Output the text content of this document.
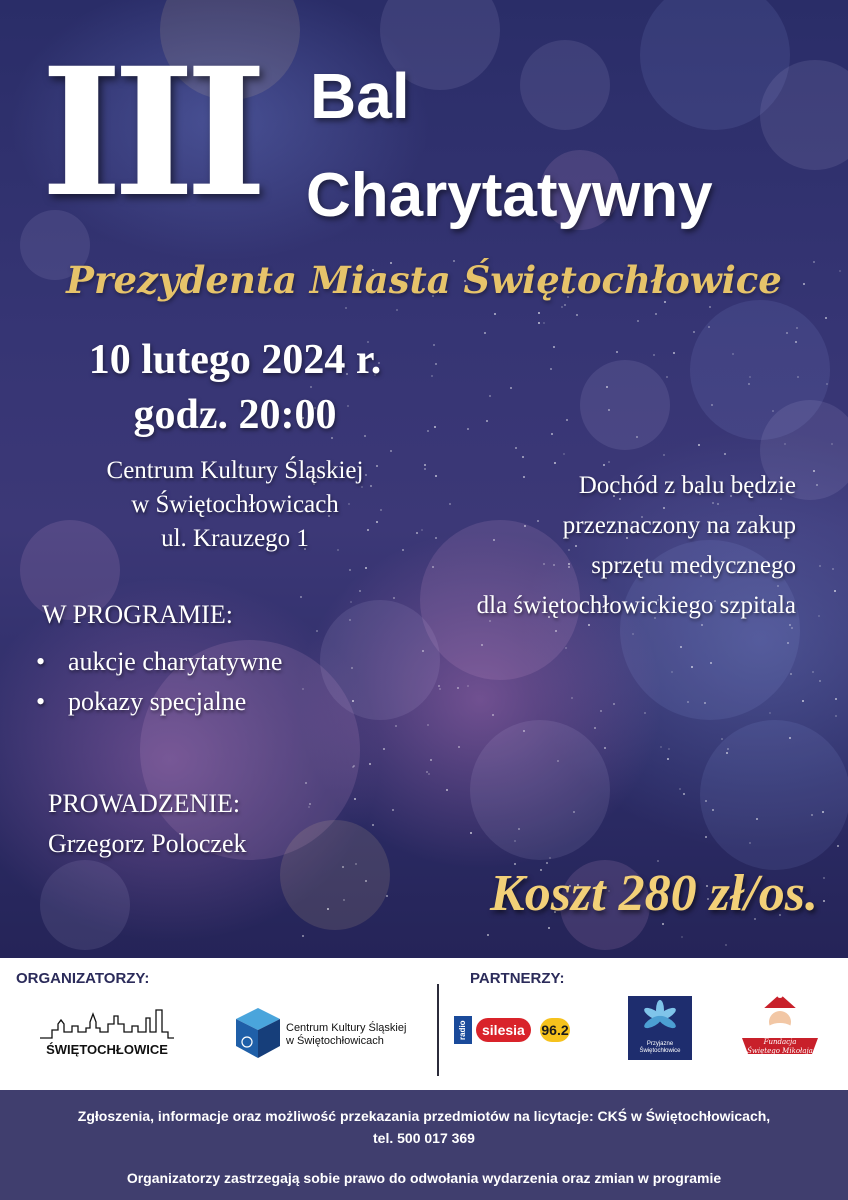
III Bal
Charytatywny
Prezydenta Miasta Świętochłowice
10 lutego 2024 r.
godz. 20:00
Centrum Kultury Śląskiej
w Świętochłowicach
ul. Krauzego 1
Dochód z balu będzie
przeznaczony na zakup
sprzętu medycznego
dla świętochłowickiego szpitala
W PROGRAMIE:
• aukcje charytatywne
• pokazy specjalne
PROWADZENIE:
Grzegorz Poloczek
Koszt 280 zł/os.
ORGANIZATORZY:	PARTNERZY:
ŚWIĘTOCHŁOWICE
Centrum Kultury Śląskiej
w Świętochłowicach
radio	silesia	96.2
Przyjazne
Świętochłowice
Fundacja
Świętego Mikołaja
Zgłoszenia, informacje oraz możliwość przekazania przedmiotów na licytacje: CKŚ w Świętochłowicach,
tel. 500 017 369
Organizatorzy zastrzegają sobie prawo do odwołania wydarzenia oraz zmian w programie
